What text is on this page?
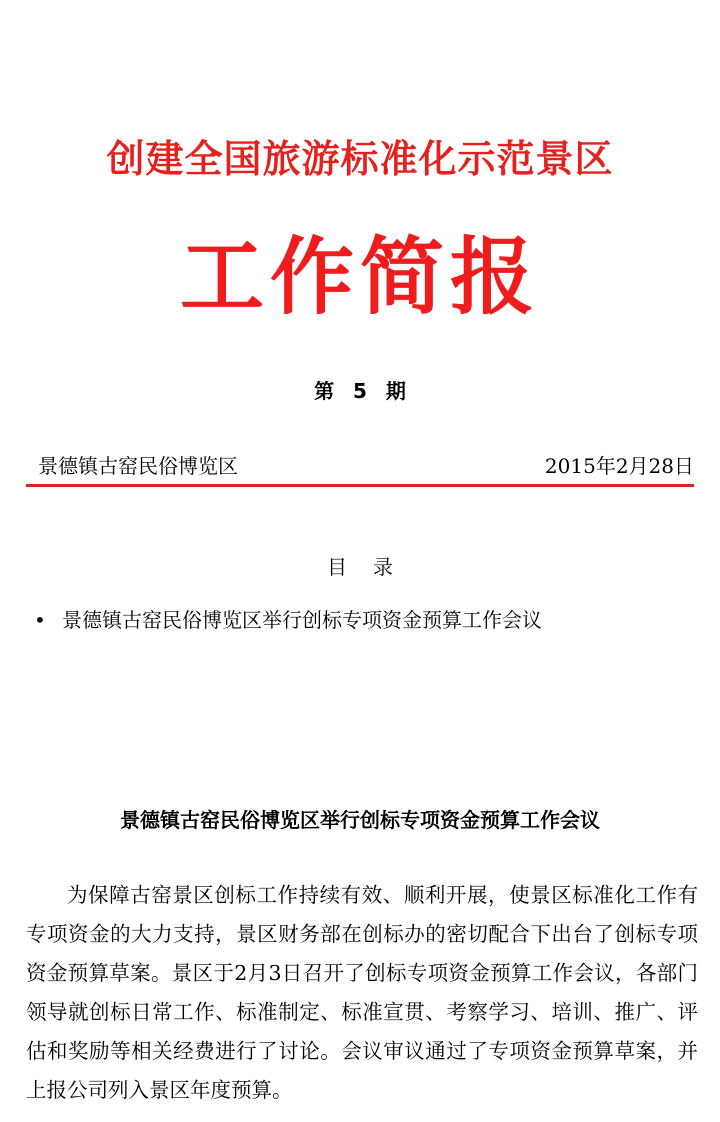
创建全国旅游标准化示范景区
工作简报
第 5 期
景德镇古窑民俗博览区	2015年2月28日
目录
• 景德镇古窑民俗博览区举行创标专项资金预算工作会议
景德镇古窑民俗博览区举行创标专项资金预算工作会议

为保障古窑景区创标工作持续有效、顺利开展，使景区标准化工作有专项资金的大力支持，景区财务部在创标办的密切配合下出台了创标专项资金预算草案。景区于2月3日召开了创标专项资金预算工作会议，各部门领导就创标日常工作、标准制定、标准宣贯、考察学习、培训、推广、评估和奖励等相关经费进行了讨论。会议审议通过了专项资金预算草案，并上报公司列入景区年度预算。
